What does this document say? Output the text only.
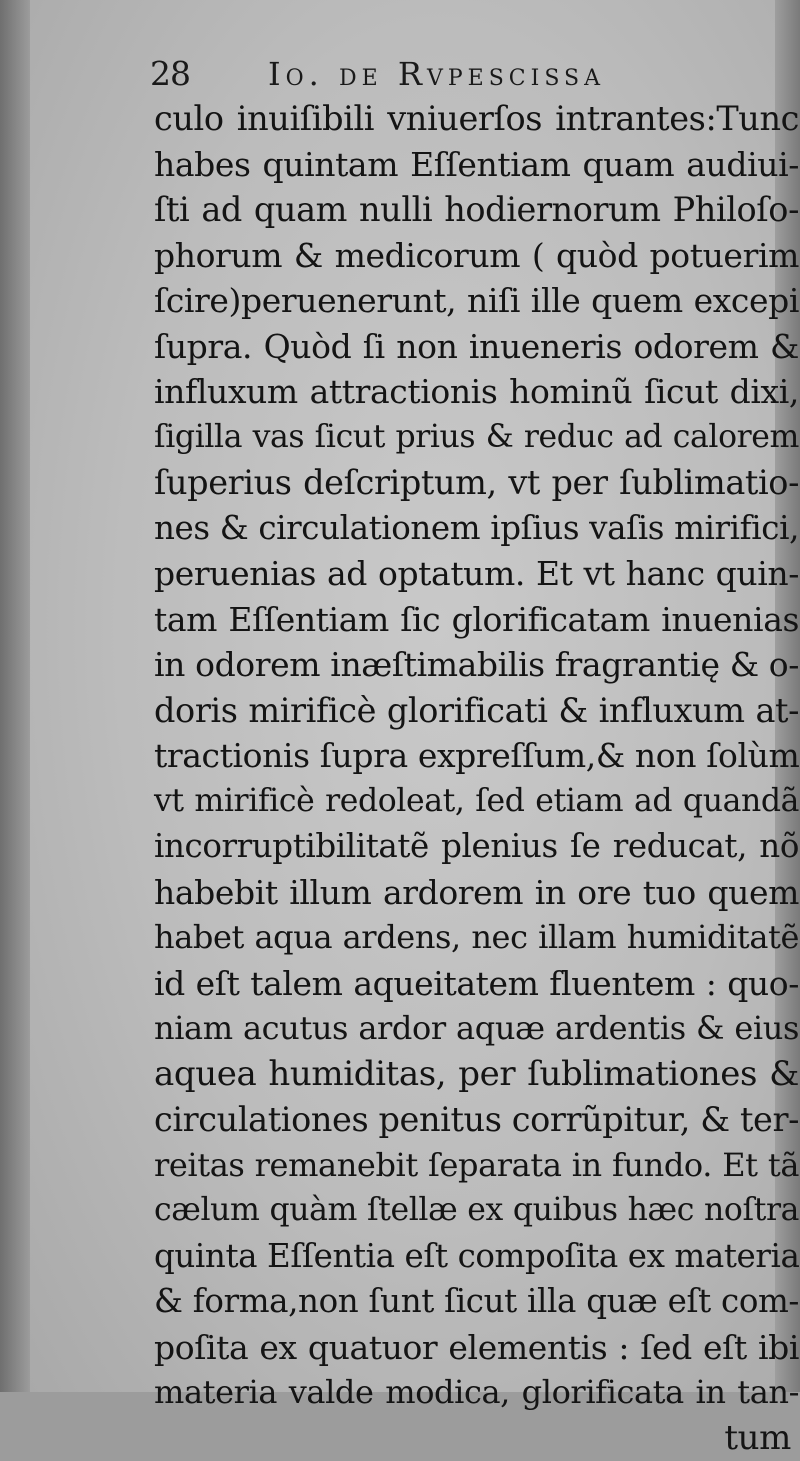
28 Io. de Rvpescissa
culo inuiſibili vniuerſos intrantes:Tunc
habes quintam Eſſentiam quam audiui-
ſti ad quam nulli hodiernorum Philoſo-
phorum & medicorum ( quòd potuerim
ſcire)peruenerunt, niſi ille quem excepi
ſupra. Quòd ſi non inueneris odorem &
influxum attractionis hominũ ſicut dixi,
ſigilla vas ſicut prius & reduc ad calorem
ſuperius deſcriptum, vt per ſublimatio-
nes & circulationem ipſius vaſis mirifici,
peruenias ad optatum. Et vt hanc quin-
tam Eſſentiam ſic glorificatam inuenias
in odorem inæſtimabilis fragrantię & o-
doris mirificè glorificati & influxum at-
tractionis ſupra expreſſum,& non ſolùm
vt mirificè redoleat, ſed etiam ad quandã
incorruptibilitatẽ plenius ſe reducat, nõ
habebit illum ardorem in ore tuo quem
habet aqua ardens, nec illam humiditatẽ
id eſt talem aqueitatem fluentem : quo-
niam acutus ardor aquæ ardentis & eius
aquea humiditas, per ſublimationes &
circulationes penitus corrũpitur, & ter-
reitas remanebit ſeparata in fundo. Et tã
cælum quàm ſtellæ ex quibus hæc noſtra
quinta Eſſentia eſt compoſita ex materia
& forma,non ſunt ſicut illa quæ eſt com-
poſita ex quatuor elementis : ſed eſt ibi
materia valde modica, glorificata in tan-
tum
